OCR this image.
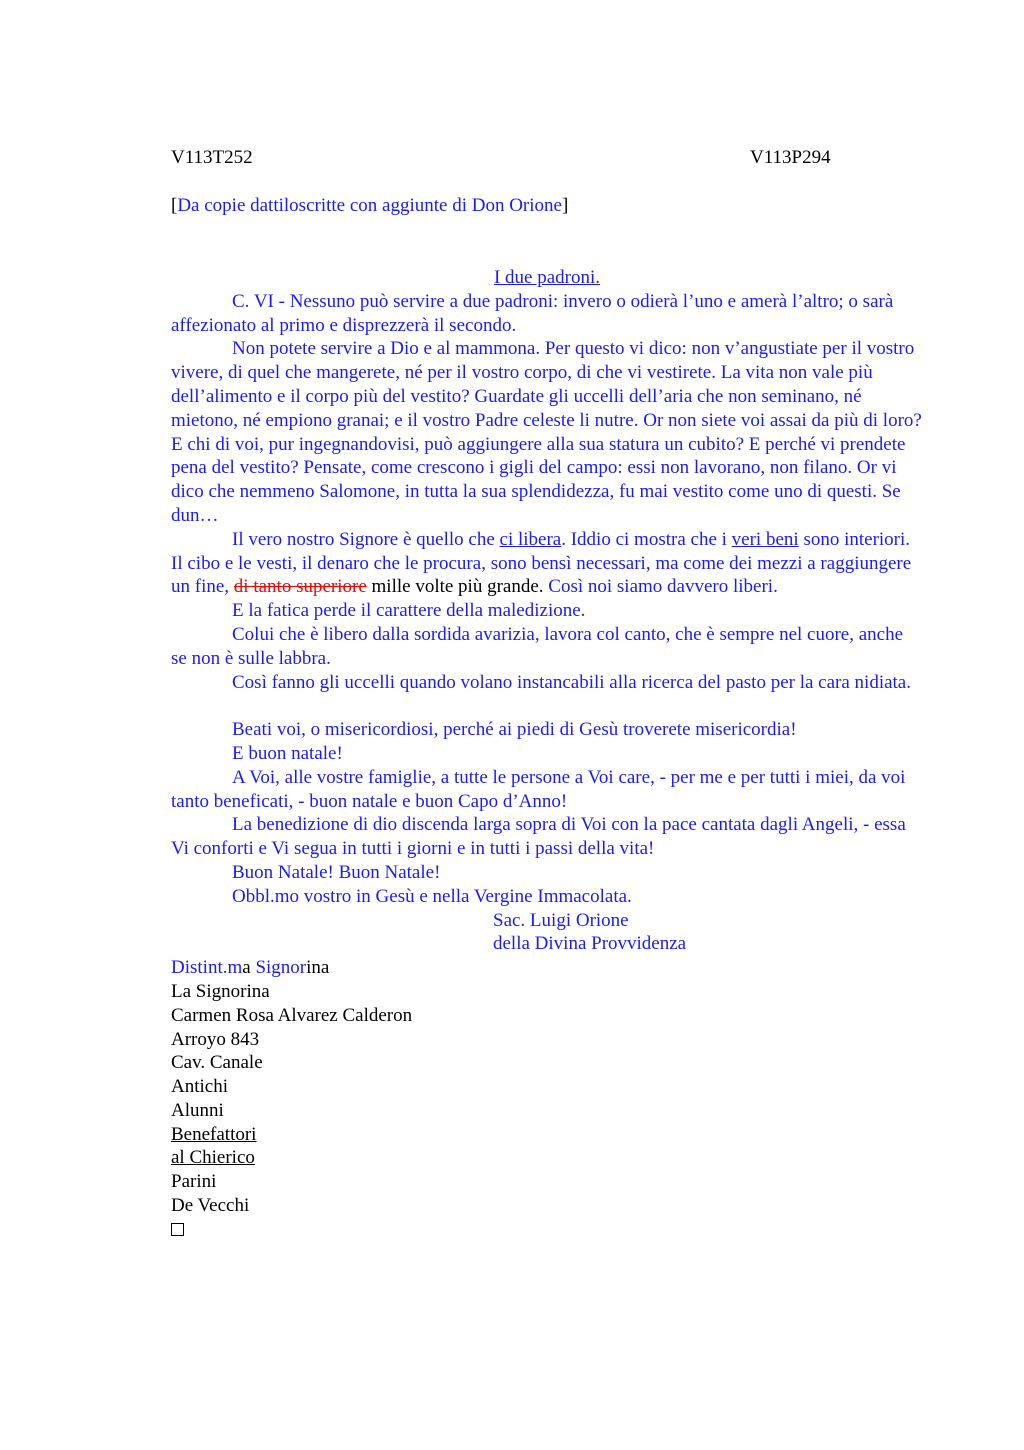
V113T252	V113P294
[Da copie dattiloscritte con aggiunte di Don Orione]

I due padroni.

C. VI - Nessuno può servire a due padroni: invero o odierà l’uno e amerà l’altro; o sarà affezionato al primo e disprezzerà il secondo.

Non potete servire a Dio e al mammona. Per questo vi dico: non v’angustiate per il vostro vivere, di quel che mangerete, né per il vostro corpo, di che vi vestirete. La vita non vale più dell’alimento e il corpo più del vestito? Guardate gli uccelli dell’aria che non seminano, né mietono, né empiono granai; e il vostro Padre celeste li nutre. Or non siete voi assai da più di loro? E chi di voi, pur ingegnandovisi, può aggiungere alla sua statura un cubito? E perché vi prendete pena del vestito? Pensate, come crescono i gigli del campo: essi non lavorano, non filano. Or vi dico che nemmeno Salomone, in tutta la sua splendidezza, fu mai vestito come uno di questi. Se dun…

Il vero nostro Signore è quello che ci libera. Iddio ci mostra che i veri beni sono interiori. Il cibo e le vesti, il denaro che le procura, sono bensì necessari, ma come dei mezzi a raggiungere un fine, di tanto superiore mille volte più grande. Così noi siamo davvero liberi.

E la fatica perde il carattere della maledizione.

Colui che è libero dalla sordida avarizia, lavora col canto, che è sempre nel cuore, anche se non è sulle labbra.

Così fanno gli uccelli quando volano instancabili alla ricerca del pasto per la cara nidiata.

Beati voi, o misericordiosi, perché ai piedi di Gesù troverete misericordia!

E buon natale!

A Voi, alle vostre famiglie, a tutte le persone a Voi care, - per me e per tutti i miei, da voi tanto beneficati, - buon natale e buon Capo d’Anno!

La benedizione di dio discenda larga sopra di Voi con la pace cantata dagli Angeli, - essa Vi conforti e Vi segua in tutti i giorni e in tutti i passi della vita!

Buon Natale! Buon Natale!

Obbl.mo vostro in Gesù e nella Vergine Immacolata.

Sac. Luigi Orione

della Divina Provvidenza

Distint.ma Signorina

La Signorina

Carmen Rosa Alvarez Calderon

Arroyo 843

Cav. Canale

Antichi

Alunni

Benefattori

al Chierico

Parini

De Vecchi
